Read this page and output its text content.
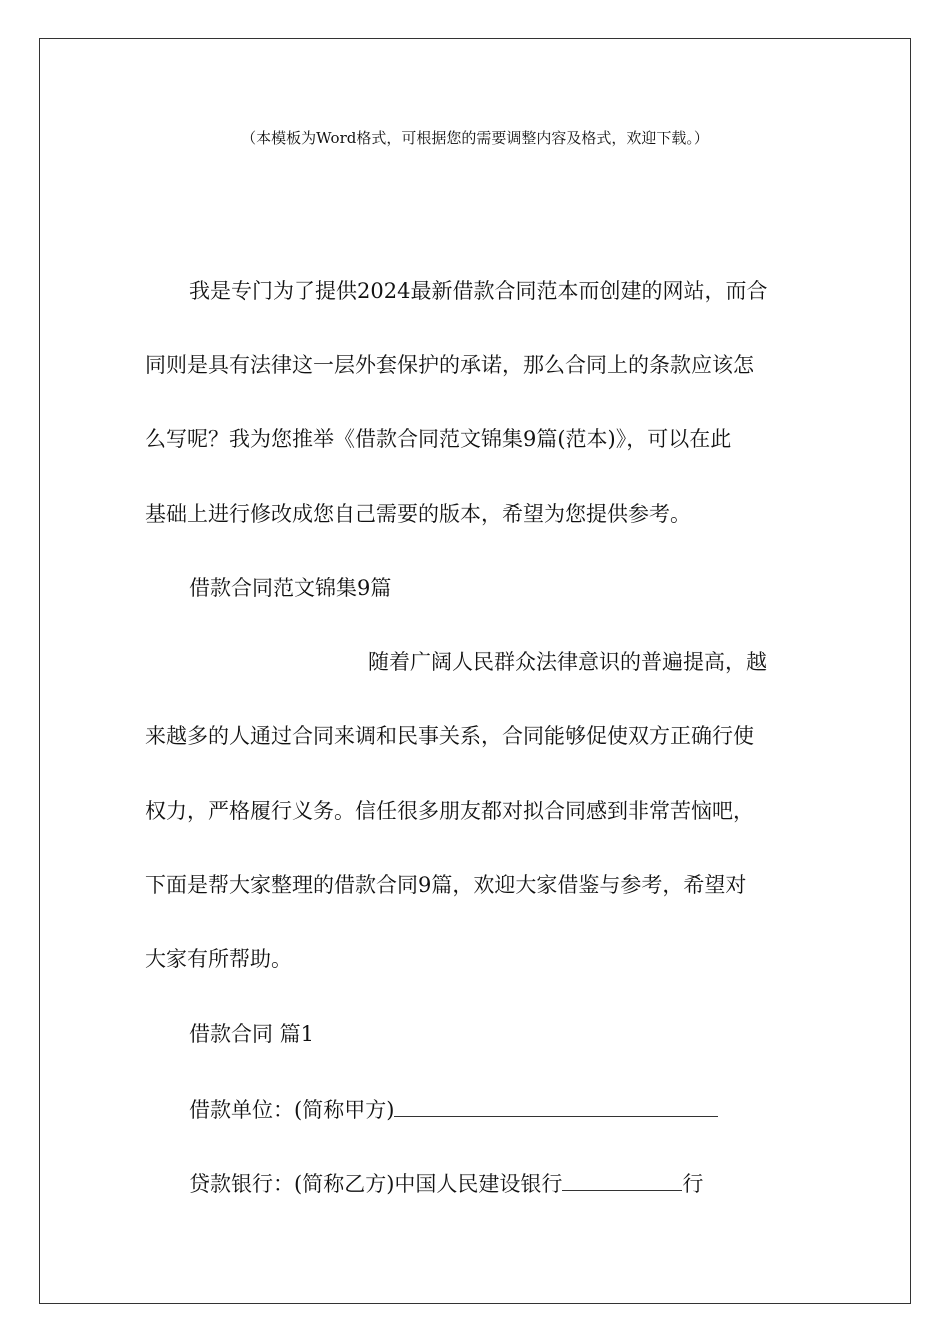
（本模板为Word格式，可根据您的需要调整内容及格式，欢迎下载。）
我是专门为了提供2024最新借款合同范本而创建的网站，而合
同则是具有法律这一层外套保护的承诺，那么合同上的条款应该怎
么写呢？我为您推举《借款合同范文锦集9篇(范本)》，可以在此
基础上进行修改成您自己需要的版本，希望为您提供参考。
借款合同范文锦集9篇
随着广阔人民群众法律意识的普遍提高，越
来越多的人通过合同来调和民事关系，合同能够促使双方正确行使
权力，严格履行义务。信任很多朋友都对拟合同感到非常苦恼吧，
下面是帮大家整理的借款合同9篇，欢迎大家借鉴与参考，希望对
大家有所帮助。
借款合同 篇1
借款单位：(简称甲方)
贷款银行：(简称乙方)中国人民建设银行	行
